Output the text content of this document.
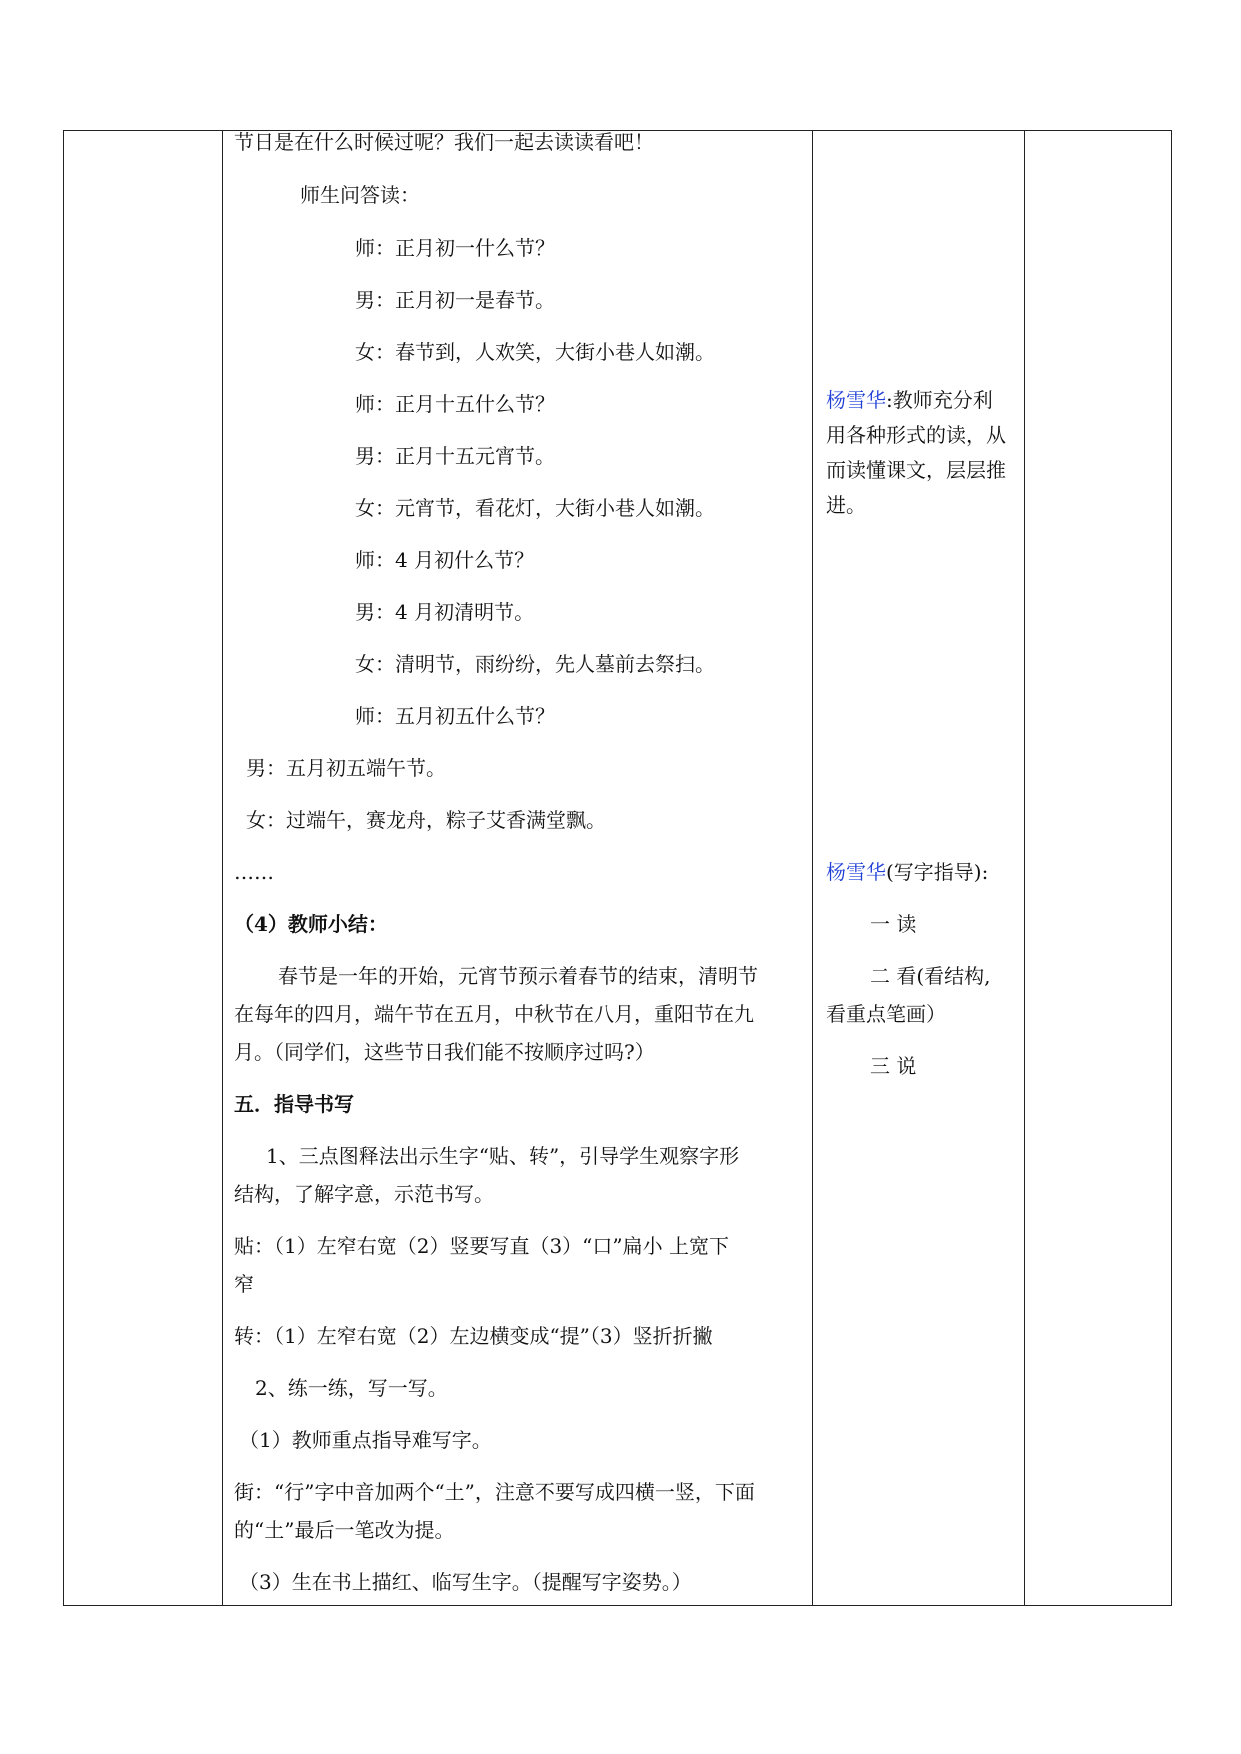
节日是在什么时候过呢？我们一起去读读看吧！
师生问答读：
师：正月初一什么节？
男：正月初一是春节。
女：春节到，人欢笑，大街小巷人如潮。
师：正月十五什么节？
男：正月十五元宵节。
女：元宵节，看花灯，大街小巷人如潮。
师：4 月初什么节？
男：4 月初清明节。
女：清明节，雨纷纷，先人墓前去祭扫。
师：五月初五什么节？
男：五月初五端午节。
女：过端午，赛龙舟，粽子艾香满堂飘。
……
（4）教师小结：
春节是一年的开始，元宵节预示着春节的结束，清明节
在每年的四月，端午节在五月，中秋节在八月，重阳节在九
月。（同学们，这些节日我们能不按顺序过吗?）
五．指导书写
1、三点图释法出示生字“贴、转”，引导学生观察字形
结构，了解字意，示范书写。
贴：（1）左窄右宽（2）竖要写直（3）“口”扁小 上宽下
窄
转：（1）左窄右宽（2）左边横变成“提”（3）竖折折撇
2、练一练，写一写。
（1）教师重点指导难写字。
街：“行”字中音加两个“土”，注意不要写成四横一竖，下面
的“土”最后一笔改为提。
（3）生在书上描红、临写生字。（提醒写字姿势。）
杨雪华:教师充分利
用各种形式的读，从
而读懂课文，层层推
进。
杨雪华(写字指导):
一 读
二 看(看结构,
看重点笔画）
三 说
